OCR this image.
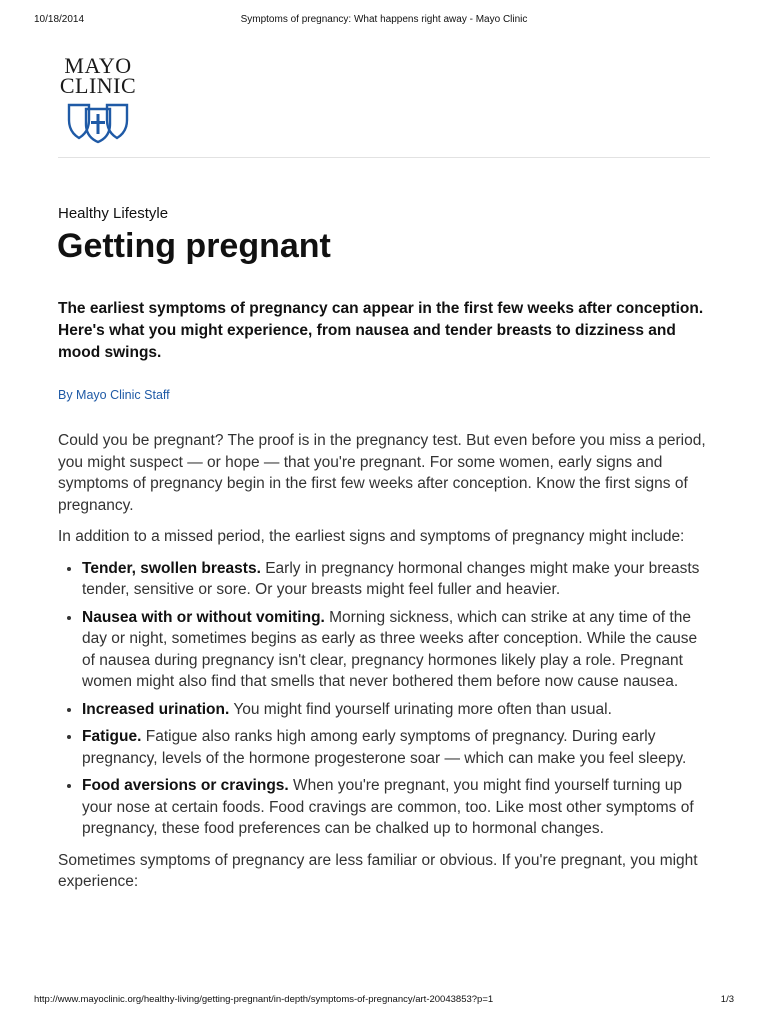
10/18/2014	Symptoms of pregnancy: What happens right away - Mayo Clinic
MAYO
CLINIC
Healthy Lifestyle
Getting pregnant

The earliest symptoms of pregnancy can appear in the first few weeks after conception. Here's what you might experience, from nausea and tender breasts to dizziness and mood swings.

By Mayo Clinic Staff

Could you be pregnant? The proof is in the pregnancy test. But even before you miss a period, you might suspect — or hope — that you're pregnant. For some women, early signs and symptoms of pregnancy begin in the first few weeks after conception. Know the first signs of pregnancy.

In addition to a missed period, the earliest signs and symptoms of pregnancy might include:

• Tender, swollen breasts. Early in pregnancy hormonal changes might make your breasts tender, sensitive or sore. Or your breasts might feel fuller and heavier.
• Nausea with or without vomiting. Morning sickness, which can strike at any time of the day or night, sometimes begins as early as three weeks after conception. While the cause of nausea during pregnancy isn't clear, pregnancy hormones likely play a role. Pregnant women might also find that smells that never bothered them before now cause nausea.
• Increased urination. You might find yourself urinating more often than usual.
• Fatigue. Fatigue also ranks high among early symptoms of pregnancy. During early pregnancy, levels of the hormone progesterone soar — which can make you feel sleepy.
• Food aversions or cravings. When you're pregnant, you might find yourself turning up your nose at certain foods. Food cravings are common, too. Like most other symptoms of pregnancy, these food preferences can be chalked up to hormonal changes.

Sometimes symptoms of pregnancy are less familiar or obvious. If you're pregnant, you might experience:

http://www.mayoclinic.org/healthy-living/getting-pregnant/in-depth/symptoms-of-pregnancy/art-20043853?p=1	1/3
